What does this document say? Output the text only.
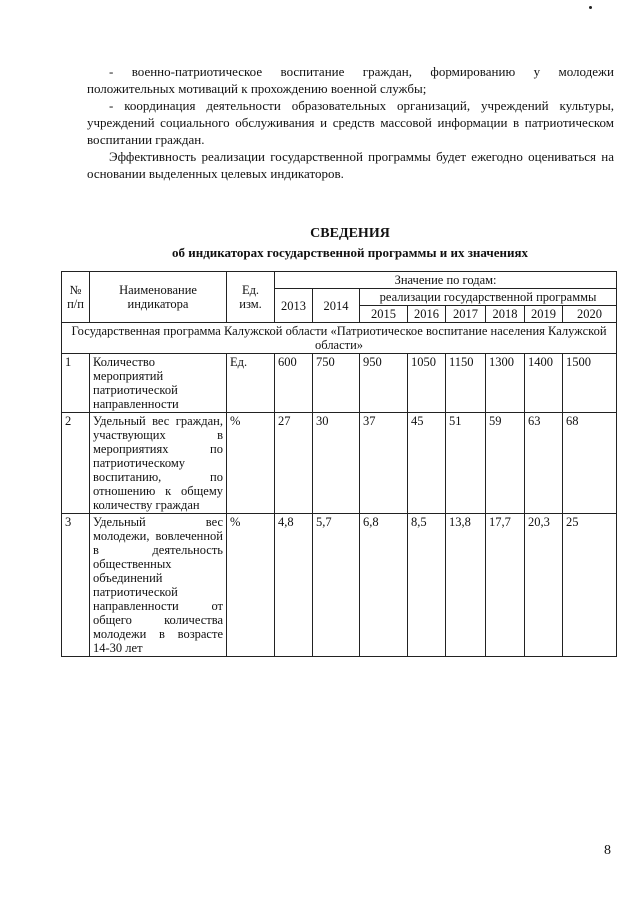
- военно-патриотическое воспитание граждан, формированию у молодежи положительных мотиваций к прохождению военной службы;

- координация деятельности образовательных организаций, учреждений культуры, учреждений социального обслуживания и средств массовой информации в патриотическом воспитании граждан.

Эффективность реализации государственной программы будет ежегодно оцениваться на основании выделенных целевых индикаторов.

СВЕДЕНИЯ
об индикаторах государственной программы и их значениях
№ п/п	Наименование индикатора	Ед. изм.	Значение по годам:							
			2013	2014	реализации государственной программы					
					2015	2016	2017	2018	2019	2020
Государственная программа Калужской области «Патриотическое воспитание населения Калужской области»										
1	Количество мероприятий патриотической направленности	Ед.	600	750	950	1050	1150	1300	1400	1500
2	Удельный вес граждан, участвующих в мероприятиях по патриотическому воспитанию, по отношению к общему количеству граждан	%	27	30	37	45	51	59	63	68
3	Удельный вес молодежи, вовлеченной в деятельность общественных объединений патриотической направленности от общего количества молодежи в возрасте 14-30 лет	%	4,8	5,7	6,8	8,5	13,8	17,7	20,3	25
8
